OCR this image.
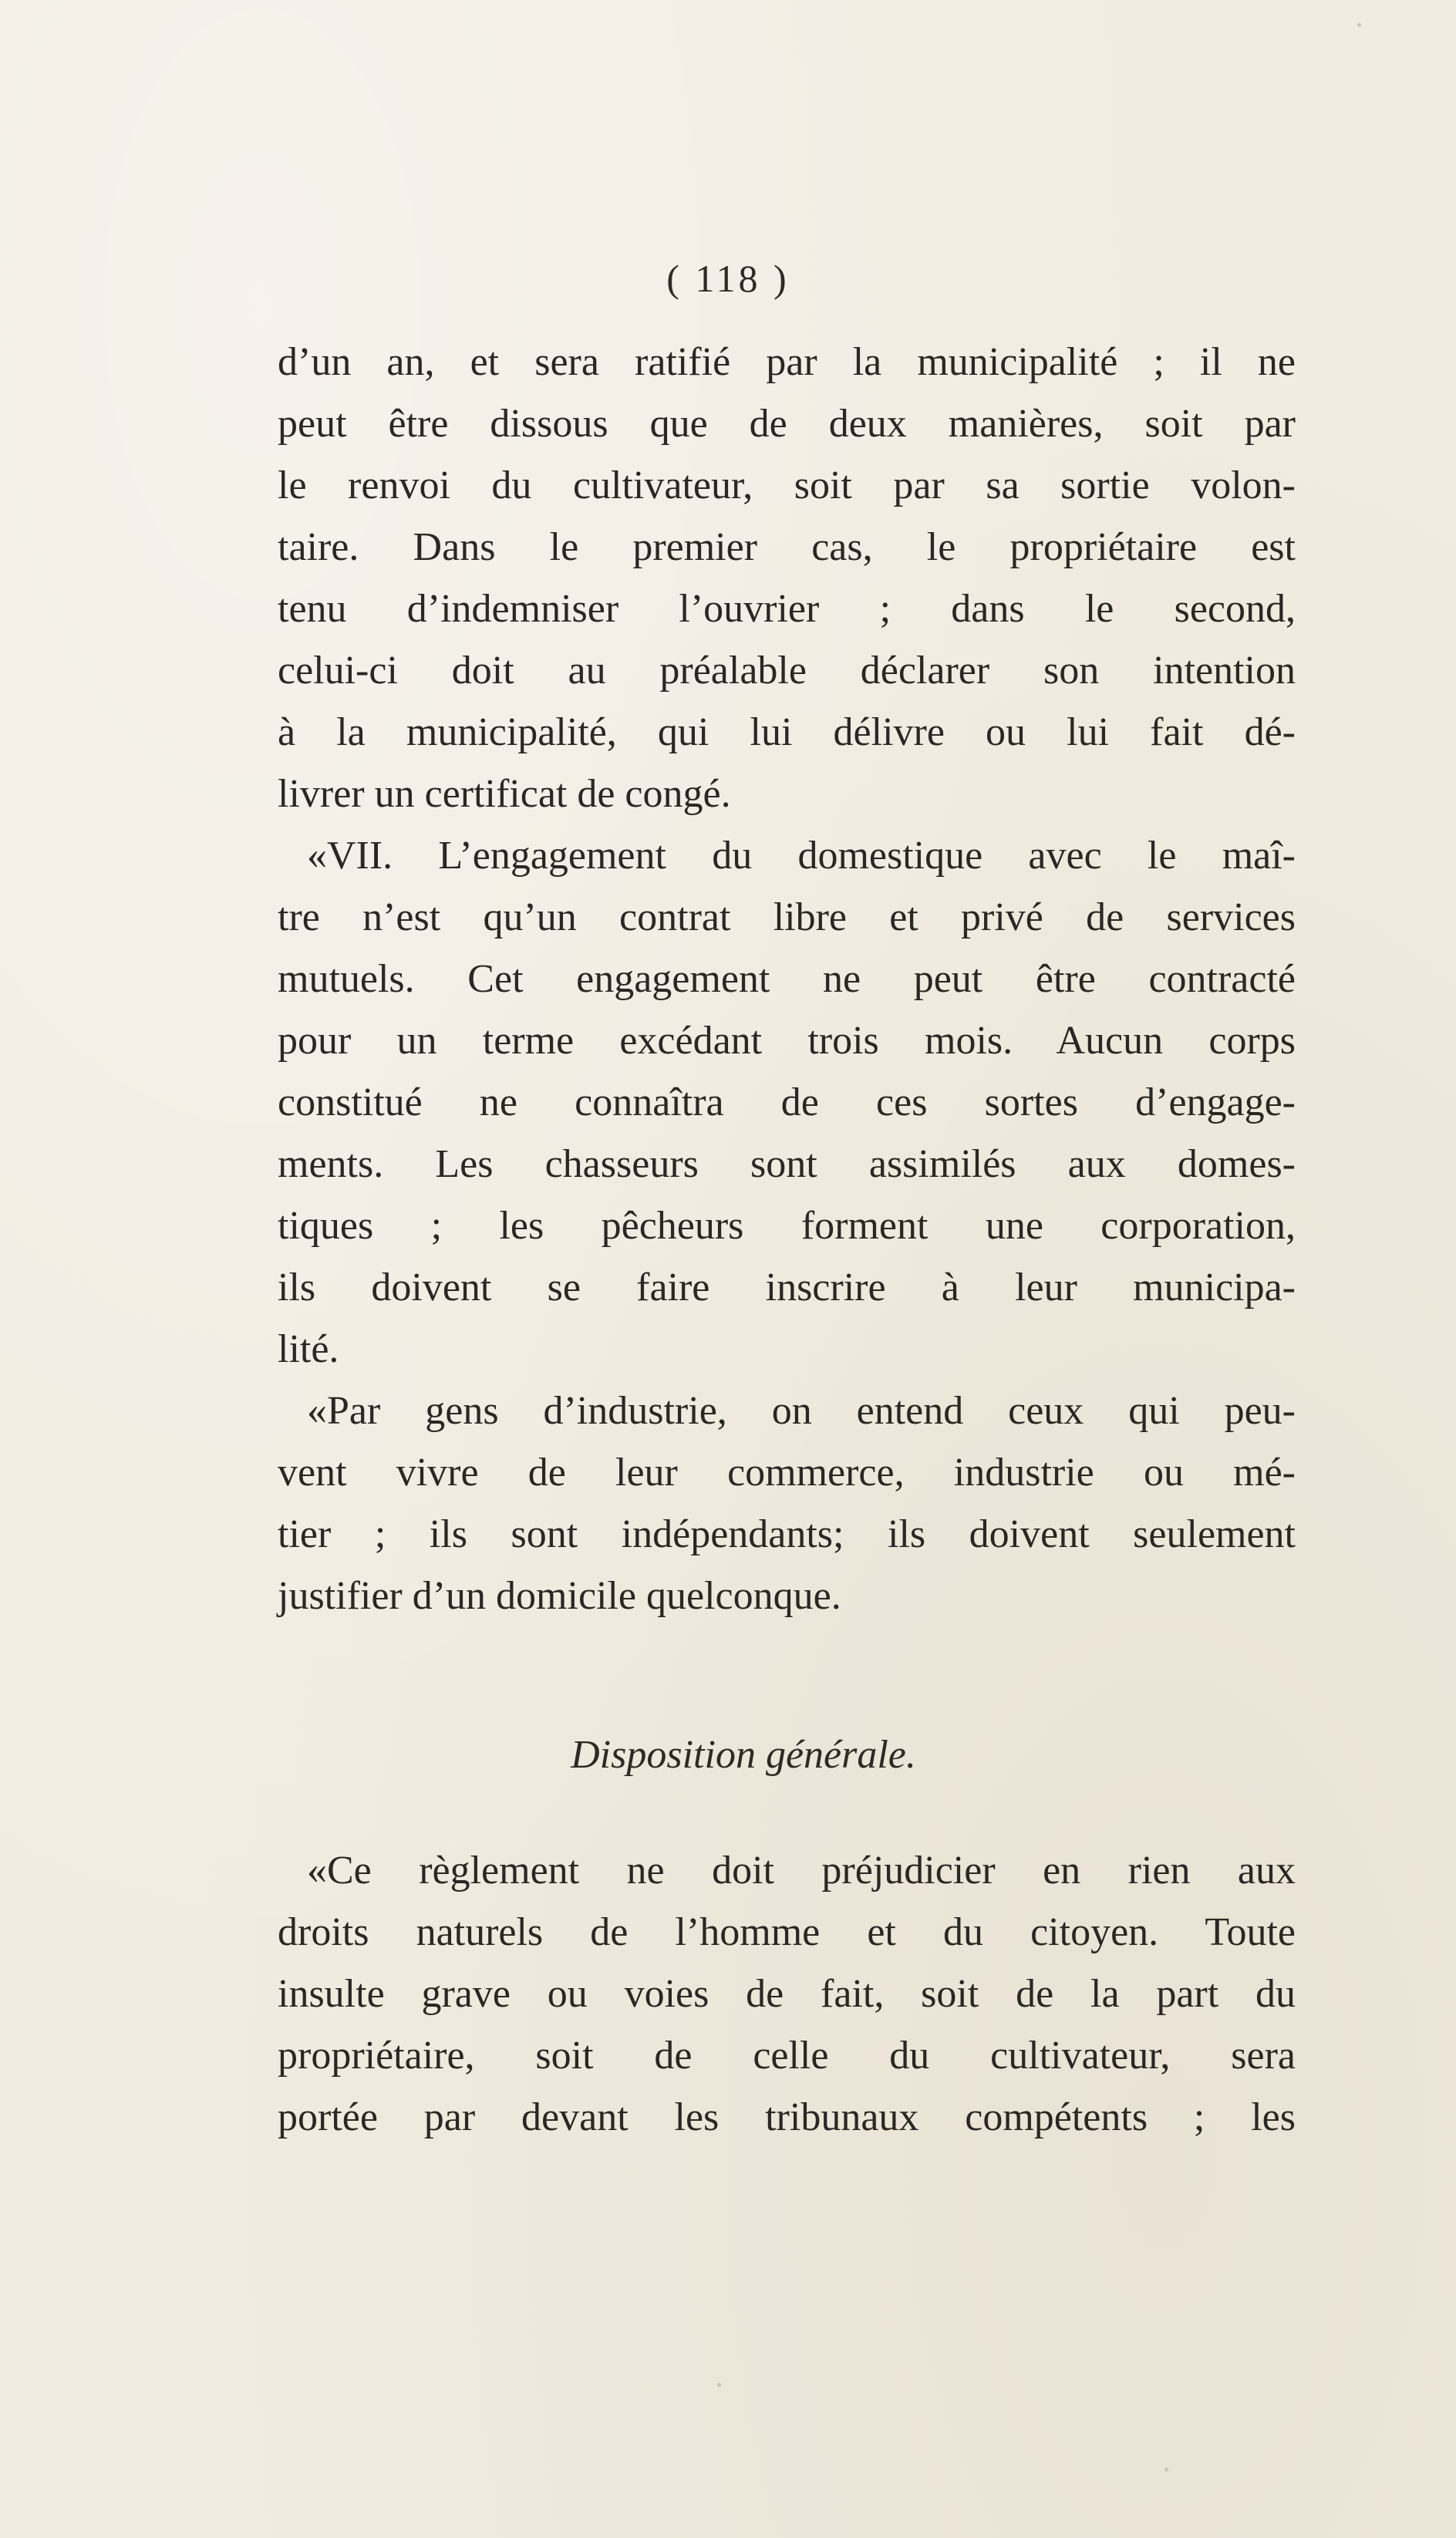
( 118 )
d’un an, et sera ratifié par la municipalité ; il ne
peut être dissous que de deux manières, soit par
le renvoi du cultivateur, soit par sa sortie volon-
taire. Dans le premier cas, le propriétaire est
tenu d’indemniser l’ouvrier ; dans le second,
celui-ci doit au préalable déclarer son intention
à la municipalité, qui lui délivre ou lui fait dé-
livrer un certificat de congé.
«VII. L’engagement du domestique avec le maî-
tre n’est qu’un contrat libre et privé de services
mutuels. Cet engagement ne peut être contracté
pour un terme excédant trois mois. Aucun corps
constitué ne connaîtra de ces sortes d’engage-
ments. Les chasseurs sont assimilés aux domes-
tiques ; les pêcheurs forment une corporation,
ils doivent se faire inscrire à leur municipa-
lité.
«Par gens d’industrie, on entend ceux qui peu-
vent vivre de leur commerce, industrie ou mé-
tier ; ils sont indépendants; ils doivent seulement
justifier d’un domicile quelconque.
Disposition générale.
«Ce règlement ne doit préjudicier en rien aux
droits naturels de l’homme et du citoyen. Toute
insulte grave ou voies de fait, soit de la part du
propriétaire, soit de celle du cultivateur, sera
portée par devant les tribunaux compétents ; les
